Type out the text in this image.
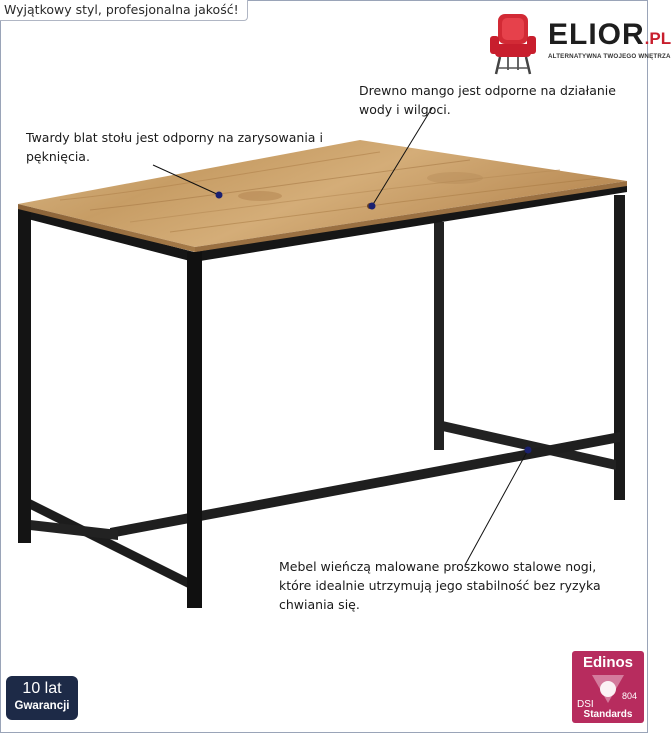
Wyjątkowy styl, profesjonalna jakość!
ELIOR.PL
ALTERNATYWNA TWOJEGO WNĘTRZA
Drewno mango jest odporne na działanie wody i wilgoci.
Twardy blat stołu jest odporny na zarysowania i pęknięcia.
Mebel wieńczą malowane proszkowo stalowe nogi, które idealnie utrzymują jego stabilność bez ryzyka chwiania się.
10 lat
Gwarancji
Edinos
DSI
804
Standards
